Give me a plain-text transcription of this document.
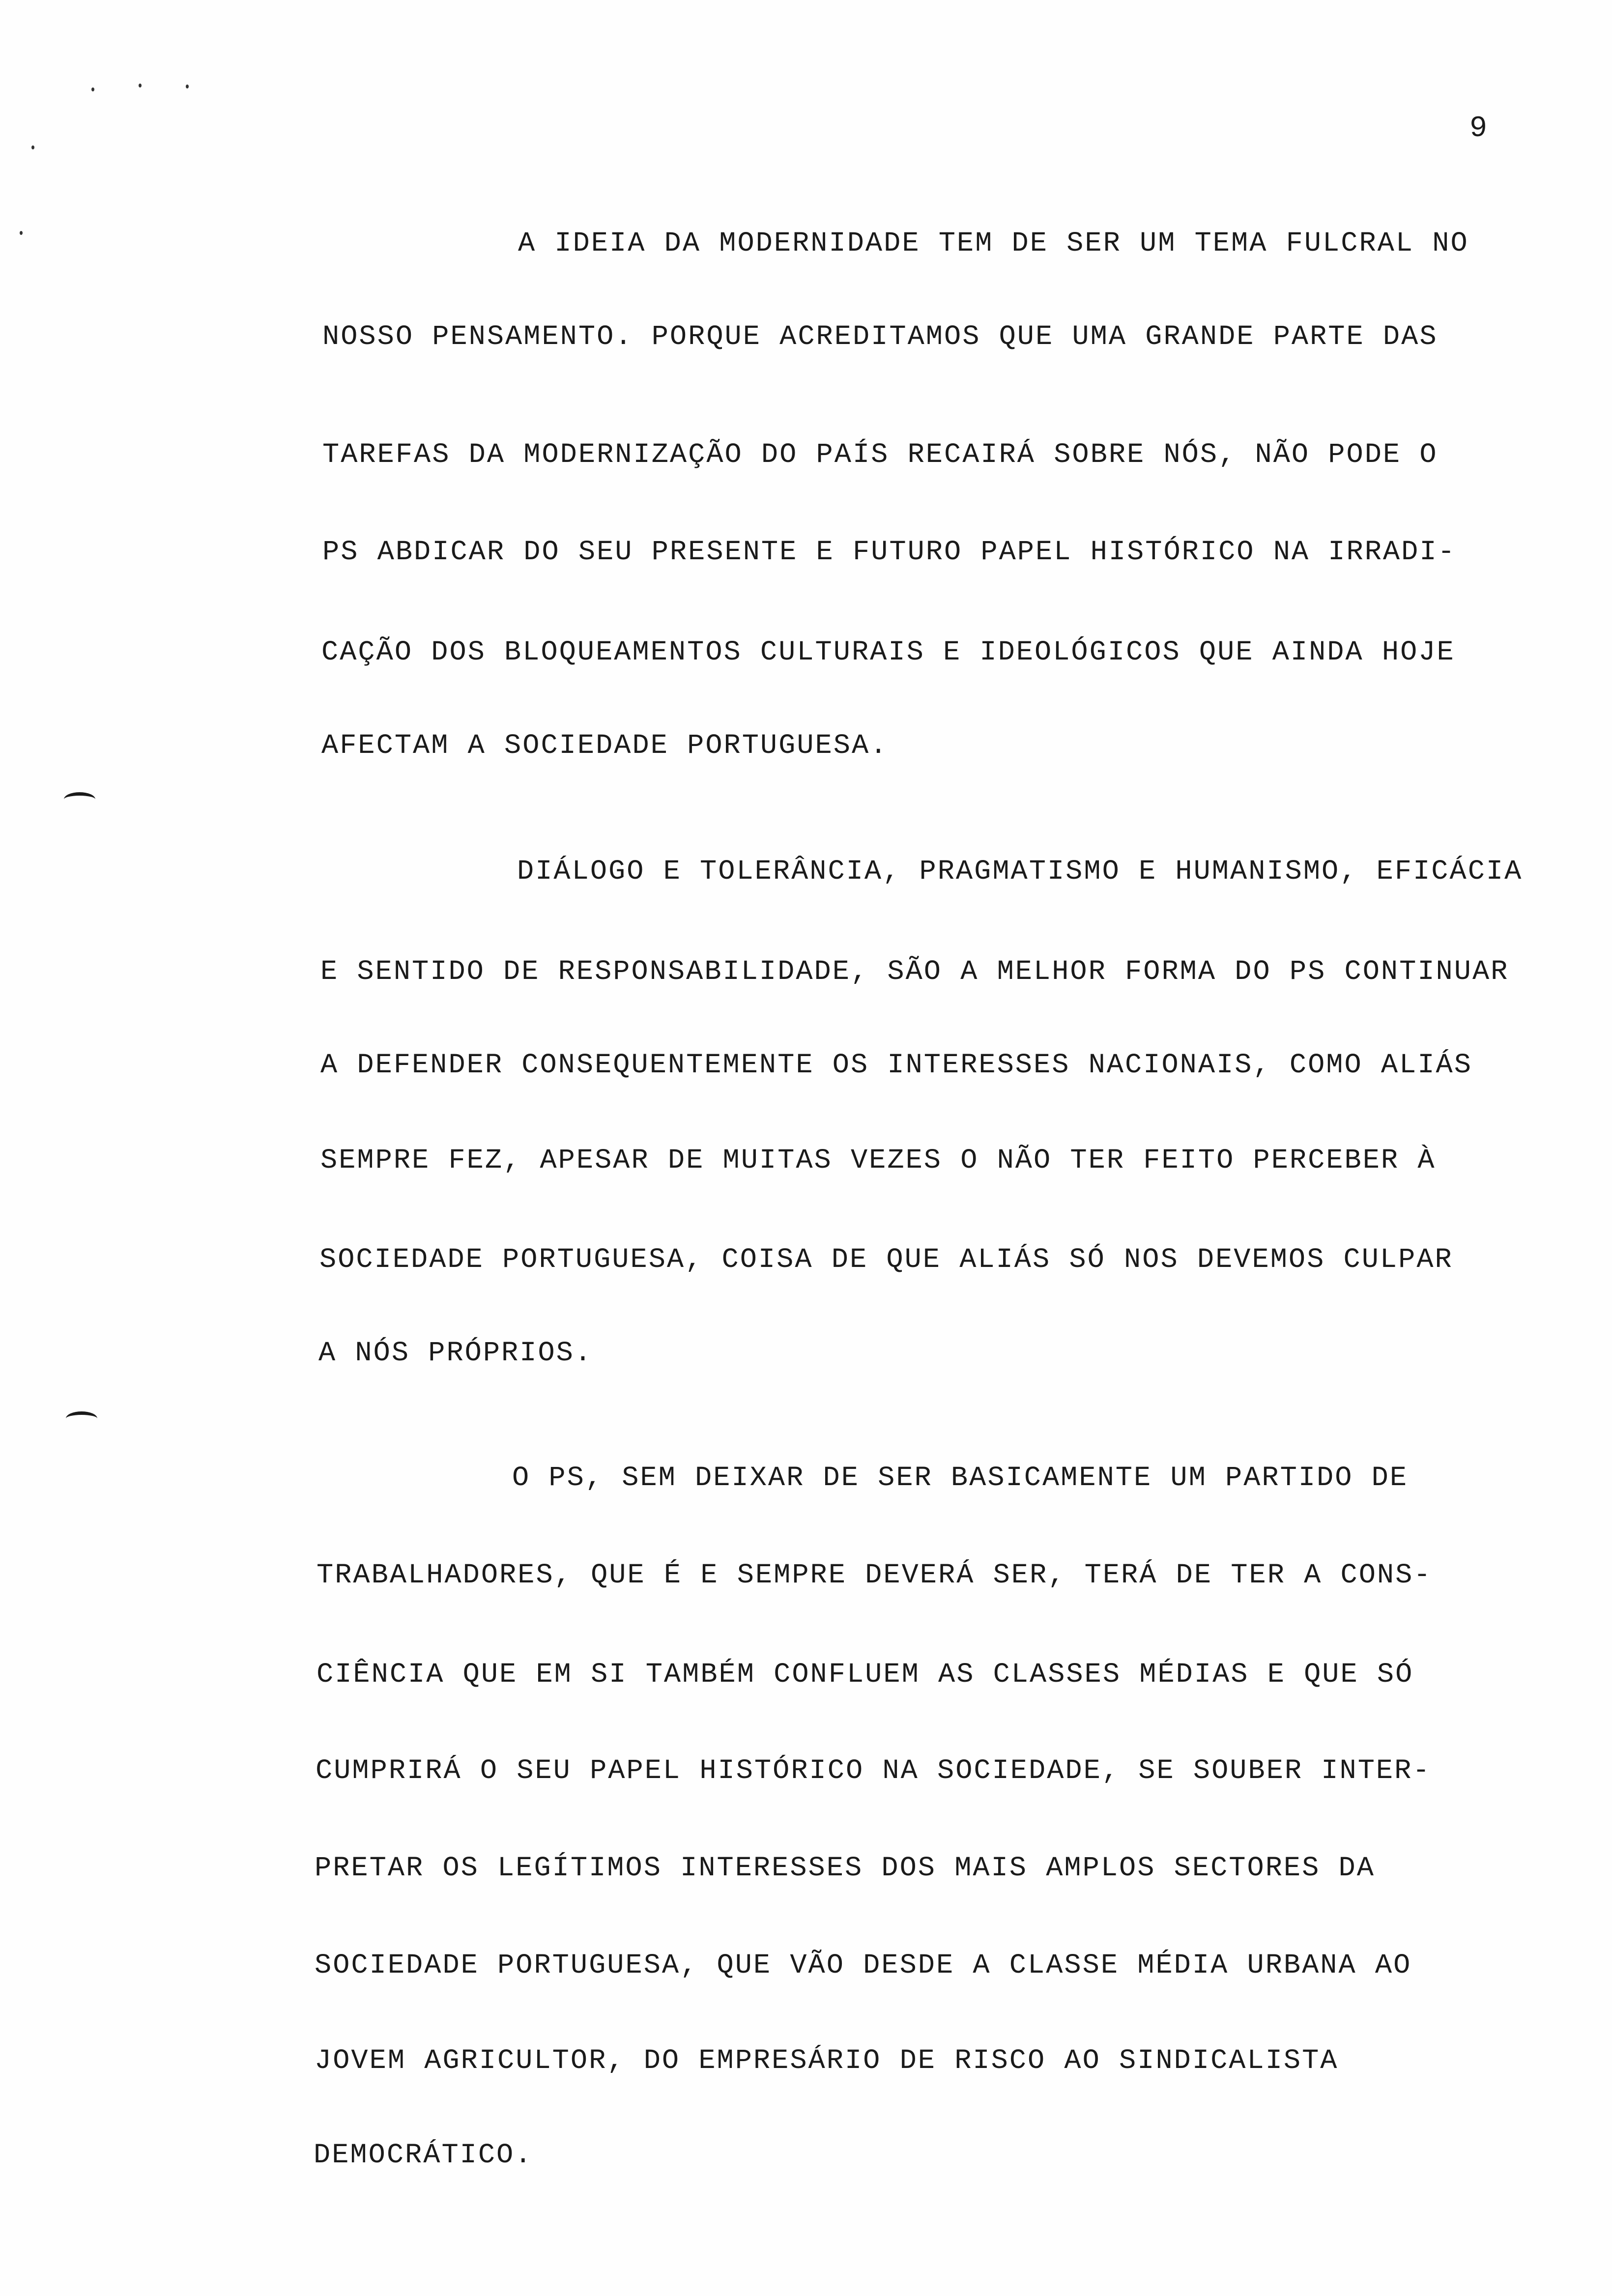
9
A IDEIA DA MODERNIDADE TEM DE SER UM TEMA FULCRAL NO
NOSSO PENSAMENTO. PORQUE ACREDITAMOS QUE UMA GRANDE PARTE DAS
TAREFAS DA MODERNIZAÇÃO DO PAÍS RECAIRÁ SOBRE NÓS, NÃO PODE O
PS ABDICAR DO SEU PRESENTE E FUTURO PAPEL HISTÓRICO NA IRRADI-
CAÇÃO DOS BLOQUEAMENTOS CULTURAIS E IDEOLÓGICOS QUE AINDA HOJE
AFECTAM A SOCIEDADE PORTUGUESA.
DIÁLOGO E TOLERÂNCIA, PRAGMATISMO E HUMANISMO, EFICÁCIA
E SENTIDO DE RESPONSABILIDADE, SÃO A MELHOR FORMA DO PS CONTINUAR
A DEFENDER CONSEQUENTEMENTE OS INTERESSES NACIONAIS, COMO ALIÁS
SEMPRE FEZ, APESAR DE MUITAS VEZES O NÃO TER FEITO PERCEBER À
SOCIEDADE PORTUGUESA, COISA DE QUE ALIÁS SÓ NOS DEVEMOS CULPAR
A NÓS PRÓPRIOS.
O PS, SEM DEIXAR DE SER BASICAMENTE UM PARTIDO DE
TRABALHADORES, QUE É E SEMPRE DEVERÁ SER, TERÁ DE TER A CONS-
CIÊNCIA QUE EM SI TAMBÉM CONFLUEM AS CLASSES MÉDIAS E QUE SÓ
CUMPRIRÁ O SEU PAPEL HISTÓRICO NA SOCIEDADE, SE SOUBER INTER-
PRETAR OS LEGÍTIMOS INTERESSES DOS MAIS AMPLOS SECTORES DA
SOCIEDADE PORTUGUESA, QUE VÃO DESDE A CLASSE MÉDIA URBANA AO
JOVEM AGRICULTOR, DO EMPRESÁRIO DE RISCO AO SINDICALISTA
DEMOCRÁTICO.
